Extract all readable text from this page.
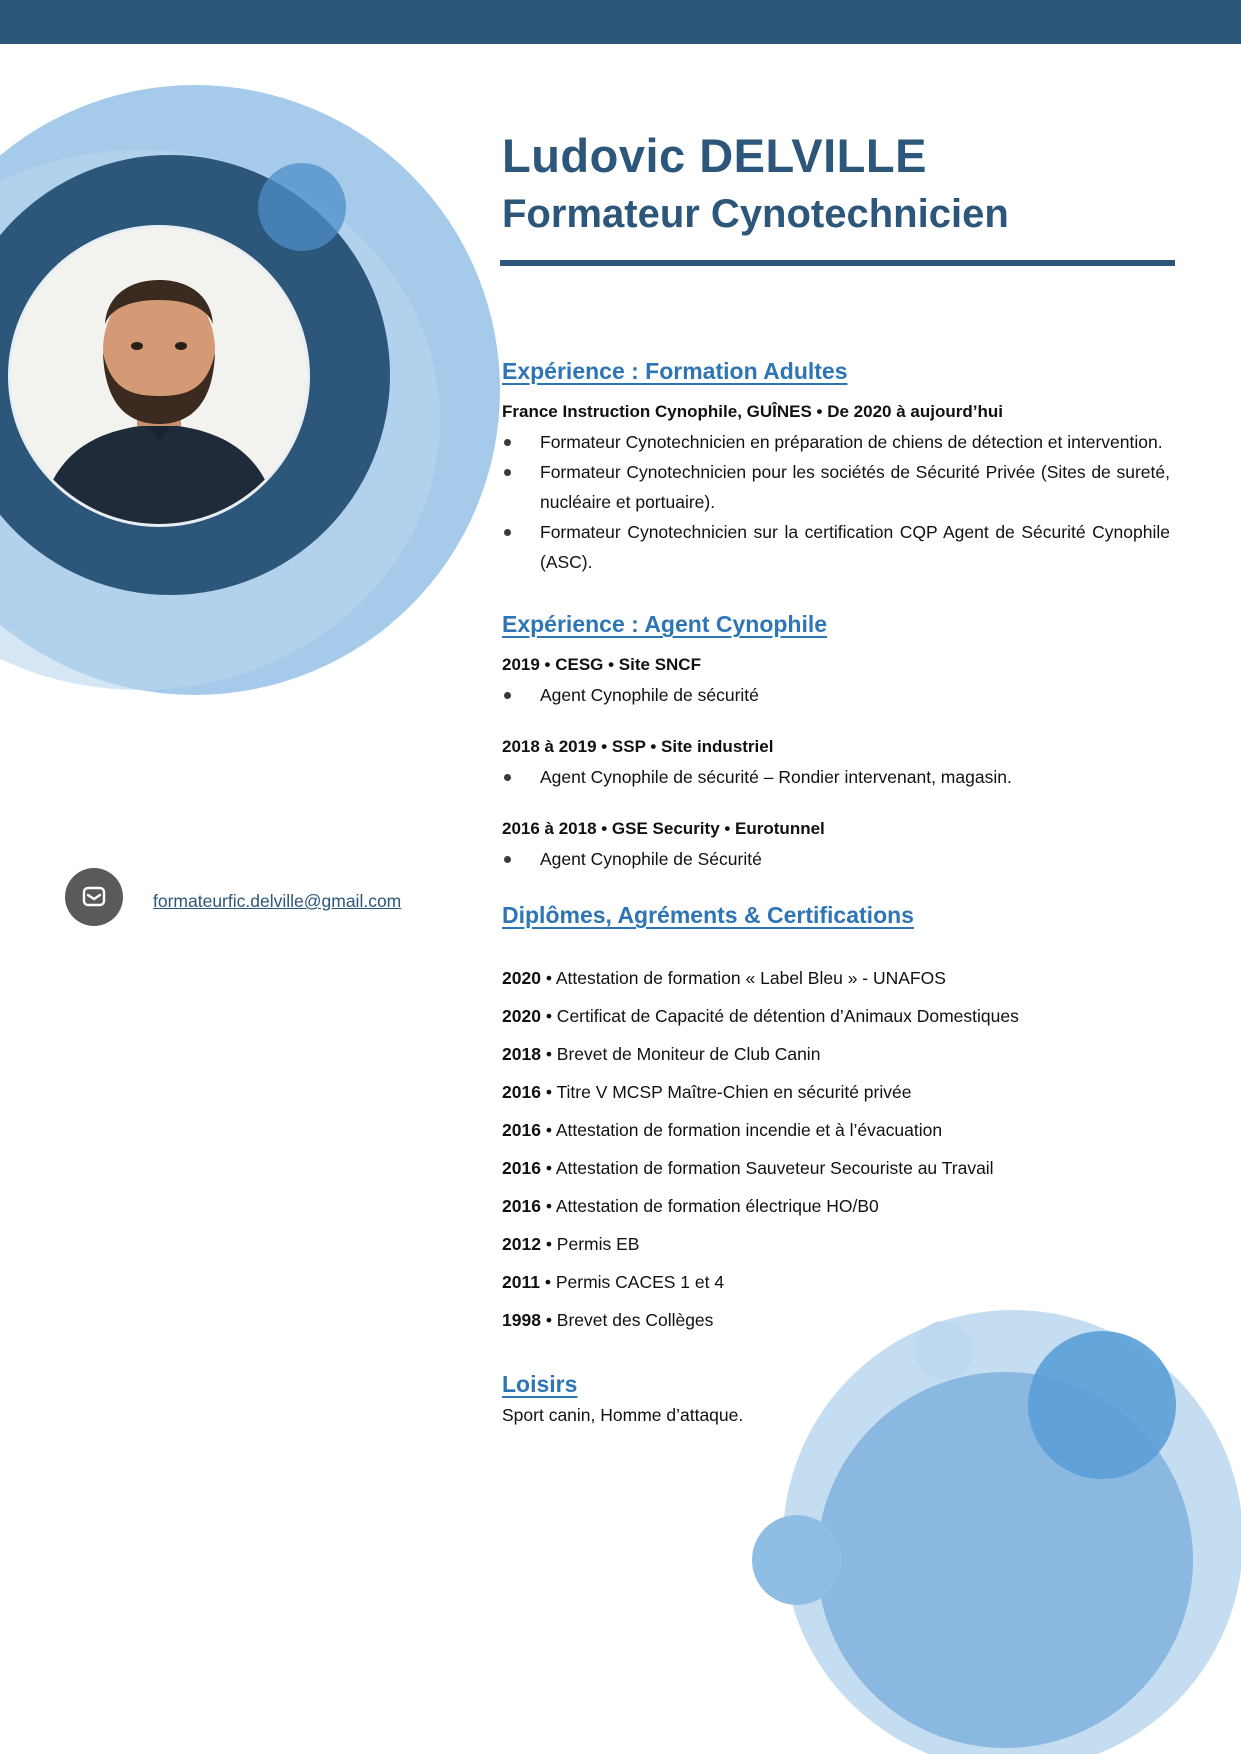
Ludovic DELVILLE
Formateur Cynotechnicien
formateurfic.delville@gmail.com
Expérience : Formation Adultes

France Instruction Cynophile, GUÎNES • De 2020 à aujourd’hui

Formateur Cynotechnicien en préparation de chiens de détection et intervention.
Formateur Cynotechnicien pour les sociétés de Sécurité Privée (Sites de sureté, nucléaire et portuaire).
Formateur Cynotechnicien sur la certification CQP Agent de Sécurité Cynophile (ASC).
Expérience : Agent Cynophile

2019 • CESG • Site SNCF

Agent Cynophile de sécurité

2018 à 2019 • SSP • Site industriel

Agent Cynophile de sécurité – Rondier intervenant, magasin.

2016 à 2018 • GSE Security • Eurotunnel

Agent Cynophile de Sécurité
Diplômes, Agréments & Certifications
2020 • Attestation de formation « Label Bleu » - UNAFOS
2020 • Certificat de Capacité de détention d’Animaux Domestiques
2018 • Brevet de Moniteur de Club Canin
2016 • Titre V MCSP Maître-Chien en sécurité privée
2016 • Attestation de formation incendie et à l’évacuation
2016 • Attestation de formation Sauveteur Secouriste au Travail
2016 • Attestation de formation électrique HO/B0
2012 • Permis EB
2011 • Permis CACES 1 et 4
1998 • Brevet des Collèges
Loisirs

Sport canin, Homme d’attaque.
